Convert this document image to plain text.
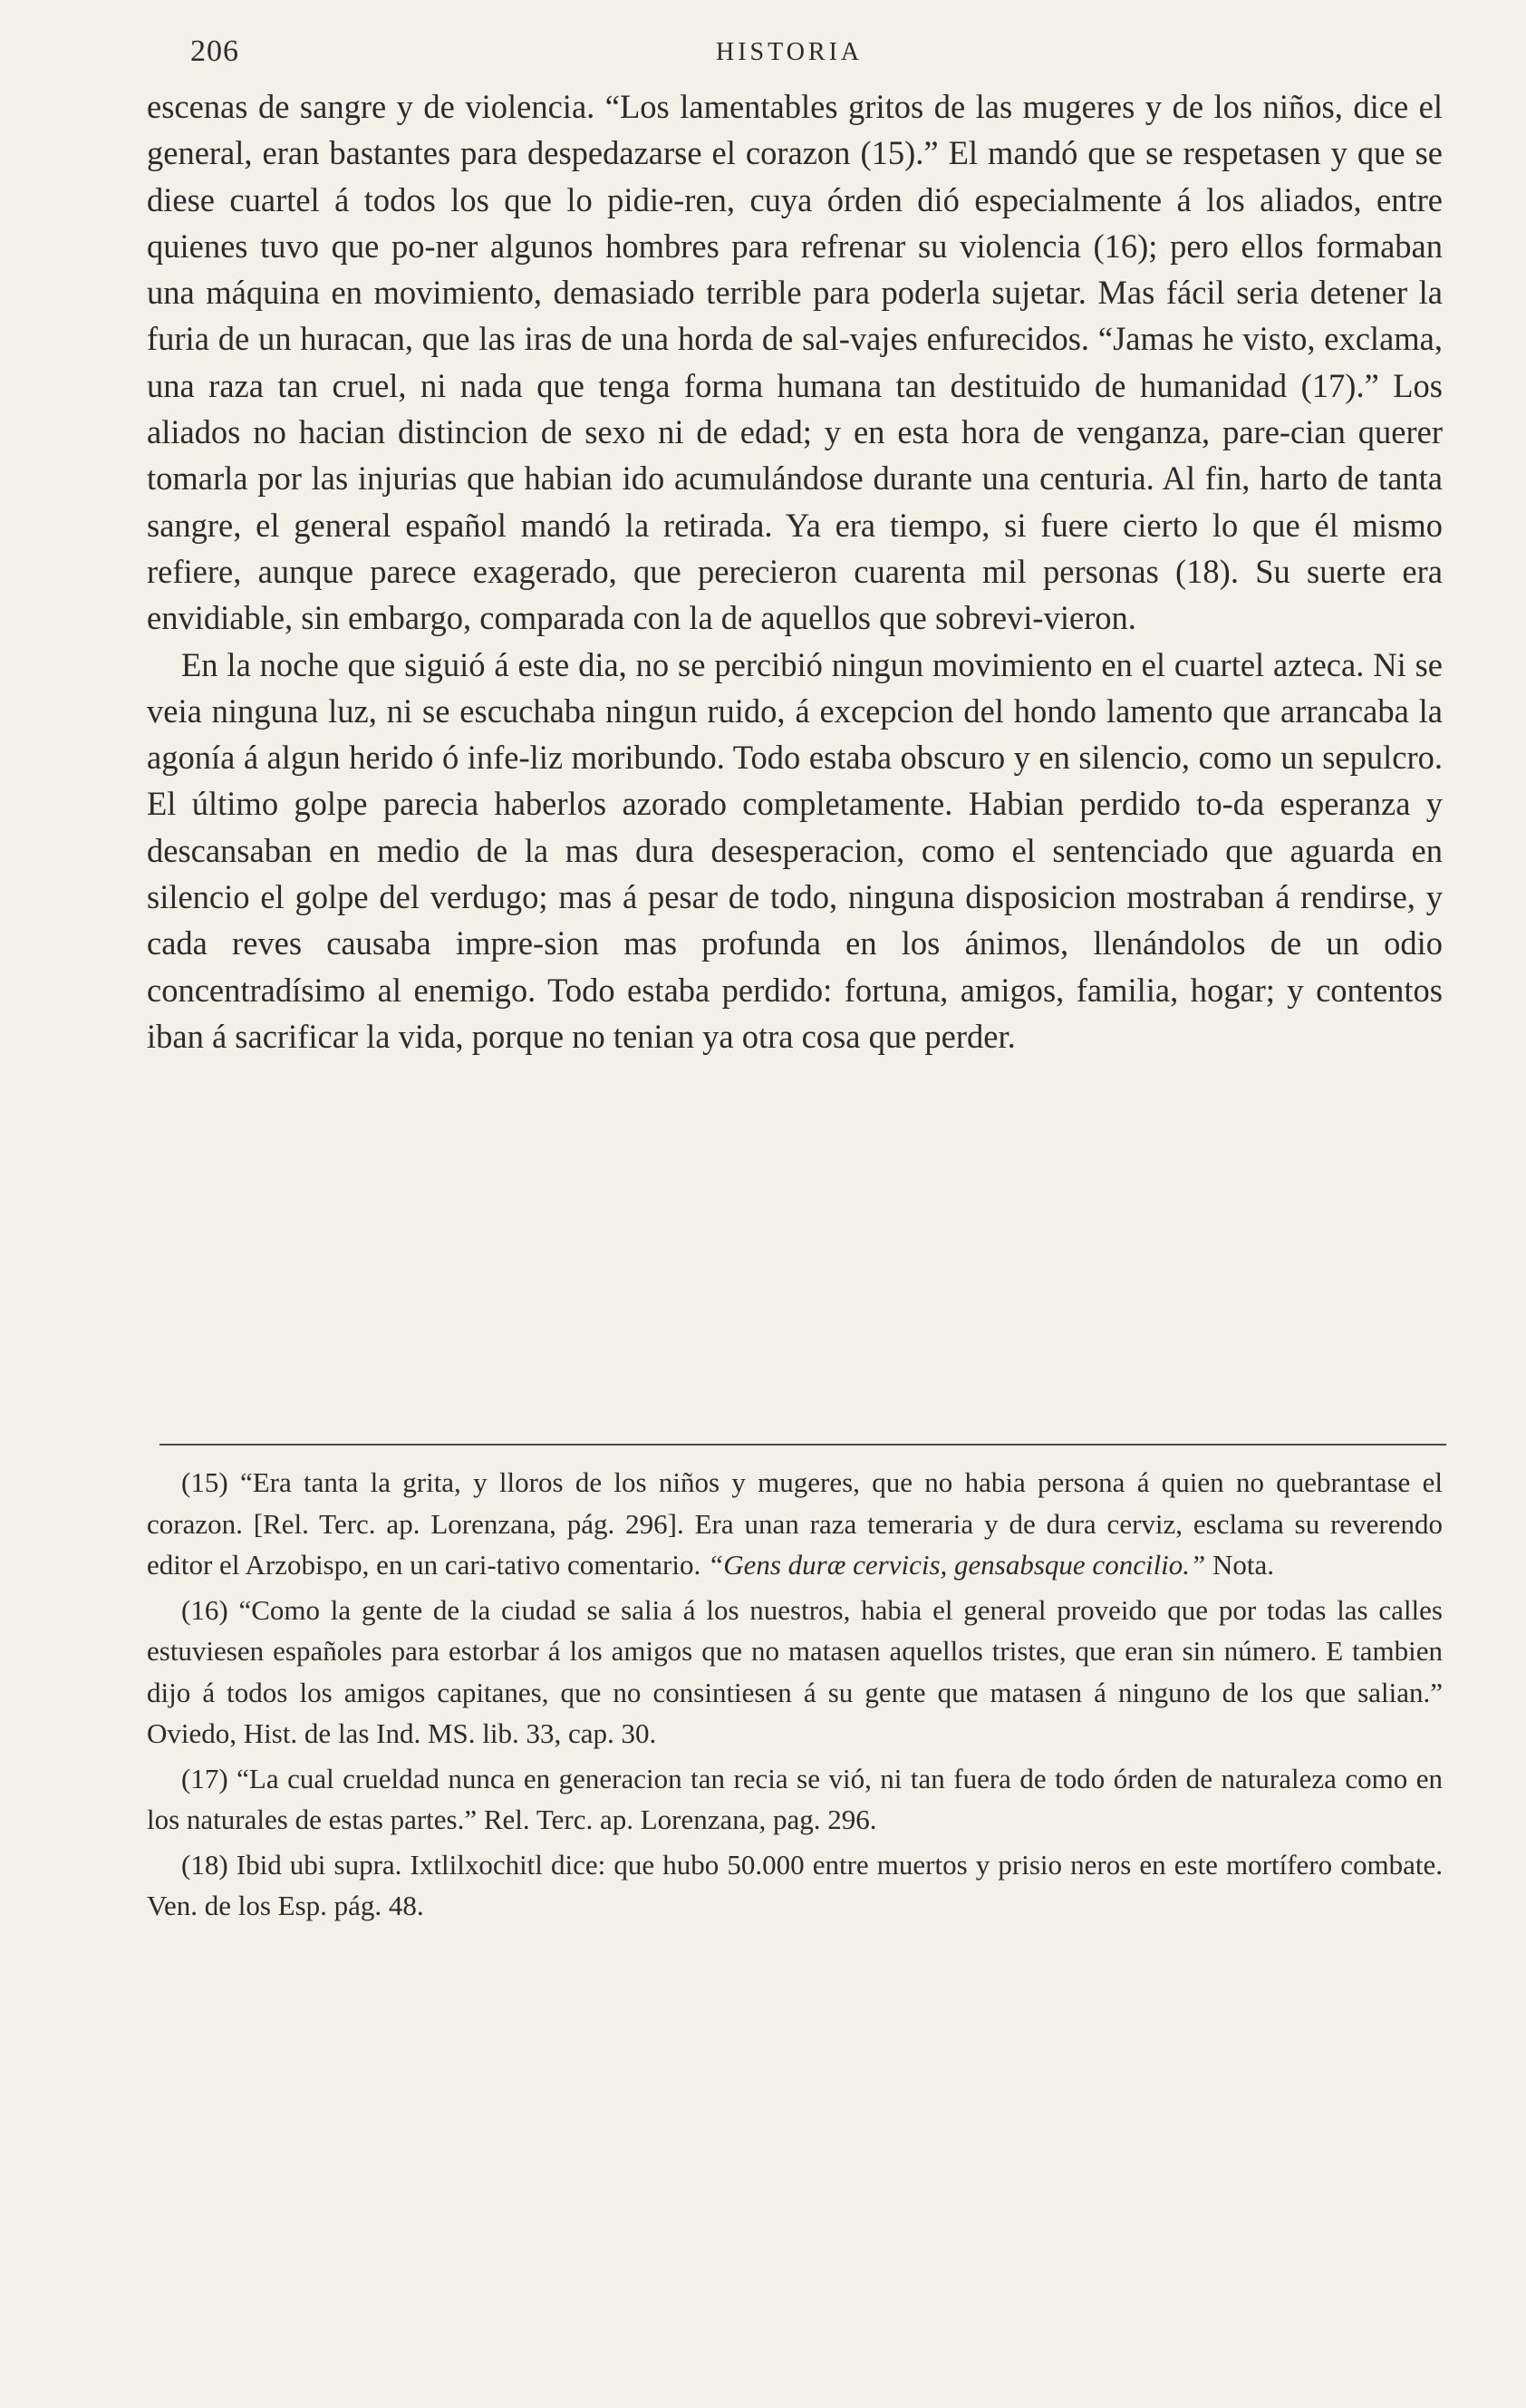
206	HISTORIA

escenas de sangre y de violencia. “Los lamentables gritos de las mugeres y de los niños, dice el general, eran bastantes para despedazarse el corazon (15).” El mandó que se respetasen y que se diese cuartel á todos los que lo pidie-ren, cuya órden dió especialmente á los aliados, entre quienes tuvo que po-ner algunos hombres para refrenar su violencia (16); pero ellos formaban una máquina en movimiento, demasiado terrible para poderla sujetar. Mas fácil seria detener la furia de un huracan, que las iras de una horda de sal-vajes enfurecidos. “Jamas he visto, exclama, una raza tan cruel, ni nada que tenga forma humana tan destituido de humanidad (17).” Los aliados no hacian distincion de sexo ni de edad; y en esta hora de venganza, pare-cian querer tomarla por las injurias que habian ido acumulándose durante una centuria. Al fin, harto de tanta sangre, el general español mandó la retirada. Ya era tiempo, si fuere cierto lo que él mismo refiere, aunque parece exagerado, que perecieron cuarenta mil personas (18). Su suerte era envidiable, sin embargo, comparada con la de aquellos que sobrevi-vieron.

En la noche que siguió á este dia, no se percibió ningun movimiento en el cuartel azteca. Ni se veia ninguna luz, ni se escuchaba ningun ruido, á excepcion del hondo lamento que arrancaba la agonía á algun herido ó infe-liz moribundo. Todo estaba obscuro y en silencio, como un sepulcro. El último golpe parecia haberlos azorado completamente. Habian perdido to-da esperanza y descansaban en medio de la mas dura desesperacion, como el sentenciado que aguarda en silencio el golpe del verdugo; mas á pesar de todo, ninguna disposicion mostraban á rendirse, y cada reves causaba impre-sion mas profunda en los ánimos, llenándolos de un odio concentradísimo al enemigo. Todo estaba perdido: fortuna, amigos, familia, hogar; y contentos iban á sacrificar la vida, porque no tenian ya otra cosa que perder.

(15) “Era tanta la grita, y lloros de los niños y mugeres, que no habia persona á quien no quebrantase el corazon. [Rel. Terc. ap. Lorenzana, pág. 296]. Era unan raza temeraria y de dura cerviz, esclama su reverendo editor el Arzobispo, en un cari-tativo comentario. “Gens duræ cervicis, gensabsque concilio.” Nota.

(16) “Como la gente de la ciudad se salia á los nuestros, habia el general proveido que por todas las calles estuviesen españoles para estorbar á los amigos que no matasen aquellos tristes, que eran sin número. E tambien dijo á todos los amigos capitanes, que no consintiesen á su gente que matasen á ninguno de los que salian.” Oviedo, Hist. de las Ind. MS. lib. 33, cap. 30.

(17) “La cual crueldad nunca en generacion tan recia se vió, ni tan fuera de todo órden de naturaleza como en los naturales de estas partes.” Rel. Terc. ap. Lorenzana, pag. 296.

(18) Ibid ubi supra. Ixtlilxochitl dice: que hubo 50.000 entre muertos y prisio neros en este mortífero combate. Ven. de los Esp. pág. 48.
